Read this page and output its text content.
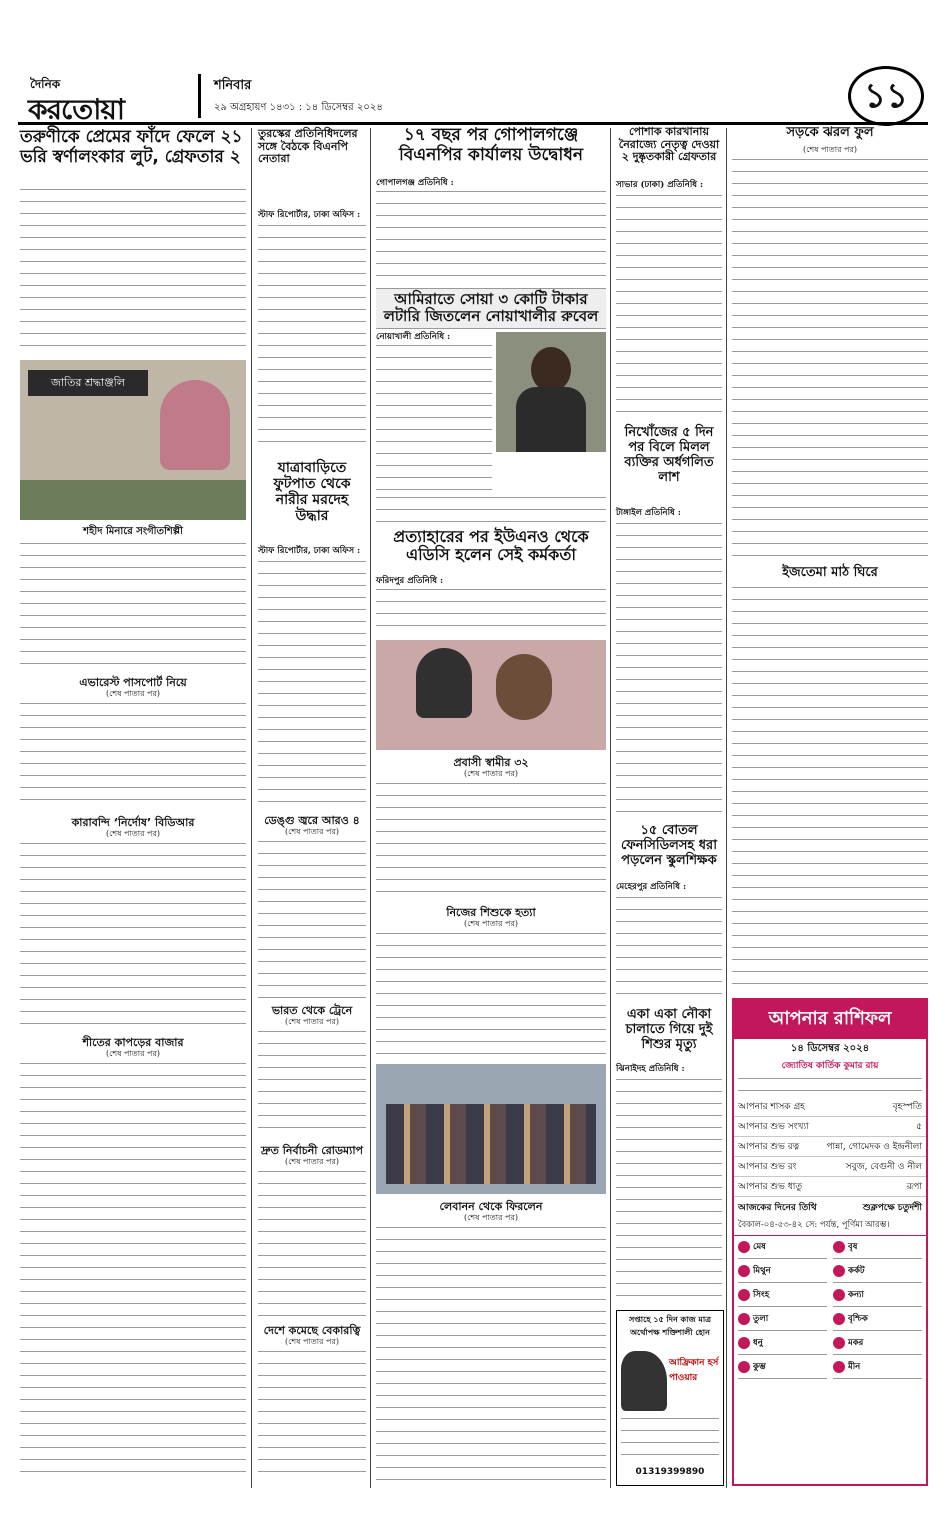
দৈনিক
করতোয়া
শনিবার
২৯ অগ্রহায়ণ ১৪৩১ : ১৪ ডিসেম্বর ২০২৪	১১
তরুণীকে প্রেমের ফাঁদে ফেলে ২১ ভরি স্বর্ণালংকার লুট, গ্রেফতার ২
জাতির শ্রদ্ধাঞ্জলি
শহীদ মিনারে সংগীতশিল্পী
এভারেস্ট পাসপোর্ট নিয়ে
(শেষ পাতার পর)
কারাবন্দি ‘নির্দোষ’ বিডিআর
(শেষ পাতার পর)
শীতের কাপড়ের বাজার
(শেষ পাতার পর)
তুরস্কের প্রতিনিধিদলের সঙ্গে বৈঠকে বিএনপি নেতারা
স্টাফ রিপোর্টার, ঢাকা অফিস :
যাত্রাবাড়িতে ফুটপাত থেকে নারীর মরদেহ উদ্ধার
স্টাফ রিপোর্টার, ঢাকা অফিস :
ডেঙ্গু জ্বরে আরও ৪
(শেষ পাতার পর)
ভারত থেকে ট্রেনে
(শেষ পাতার পর)
দ্রুত নির্বাচনী রোডম্যাপ
(শেষ পাতার পর)
দেশে কমেছে বেকারত্বি
(শেষ পাতার পর)
১৭ বছর পর গোপালগঞ্জে বিএনপির কার্যালয় উদ্বোধন
গোপালগঞ্জ প্রতিনিধি :
আমিরাতে সোয়া ৩ কোটি টাকার লটারি জিতলেন নোয়াখালীর রুবেল
নোয়াখালী প্রতিনিধি :
প্রত্যাহারের পর ইউএনও থেকে এডিসি হলেন সেই কর্মকর্তা
ফরিদপুর প্রতিনিধি :
প্রবাসী স্বামীর ৩২
(শেষ পাতার পর)
নিজের শিশুকে হত্যা
(শেষ পাতার পর)
লেবানন থেকে ফিরলেন
(শেষ পাতার পর)
পোশাক কারখানায় নৈরাজ্যে নেতৃত্ব দেওয়া ২ দুষ্কৃতকারী গ্রেফতার
সাভার (ঢাকা) প্রতিনিধি :
নিখোঁজের ৫ দিন পর বিলে মিলল ব্যক্তির অর্ধগলিত লাশ
টাঙ্গাইল প্রতিনিধি :
১৫ বোতল ফেনসিডিলসহ ধরা পড়লেন স্কুলশিক্ষক
মেহেরপুর প্রতিনিধি :
একা একা নৌকা চালাতে গিয়ে দুই শিশুর মৃত্যু
ঝিনাইদহ প্রতিনিধি :
সপ্তাহে ১৫ দিন কাজ মাত্র অর্থোপক্ষ শক্তিশালী হোন
আফ্রিকান হর্স পাওয়ার
01319399890
সড়কে ঝরল ফুল
(শেষ পাতার পর)
ইজতেমা মাঠ ঘিরে
আপনার রাশিফল
১৪ ডিসেম্বর ২০২৪
জ্যোতিষ কার্তিক কুমার রায়
আপনার শাসক গ্রহ	বৃহস্পতি
আপনার শুভ সংখ্যা	৫
আপনার শুভ রত্ন	পান্না, গোমেদক ও ইন্দ্রনীলা
আপনার শুভ রং	সবুজ, বেগুনী ও নীল
আপনার শুভ ধাতু	রূপা
আজকের দিনের তিথি	শুক্লপক্ষে চতুর্দশী
বৈকাল-০৪-৫৩-৪২ সে: পর্যন্ত, পূর্ণিমা আরম্ভ।
মেষ	বৃষ
মিথুন	কর্কট
সিংহ	কন্যা
তুলা	বৃশ্চিক
ধনু	মকর
কুম্ভ	মীন
